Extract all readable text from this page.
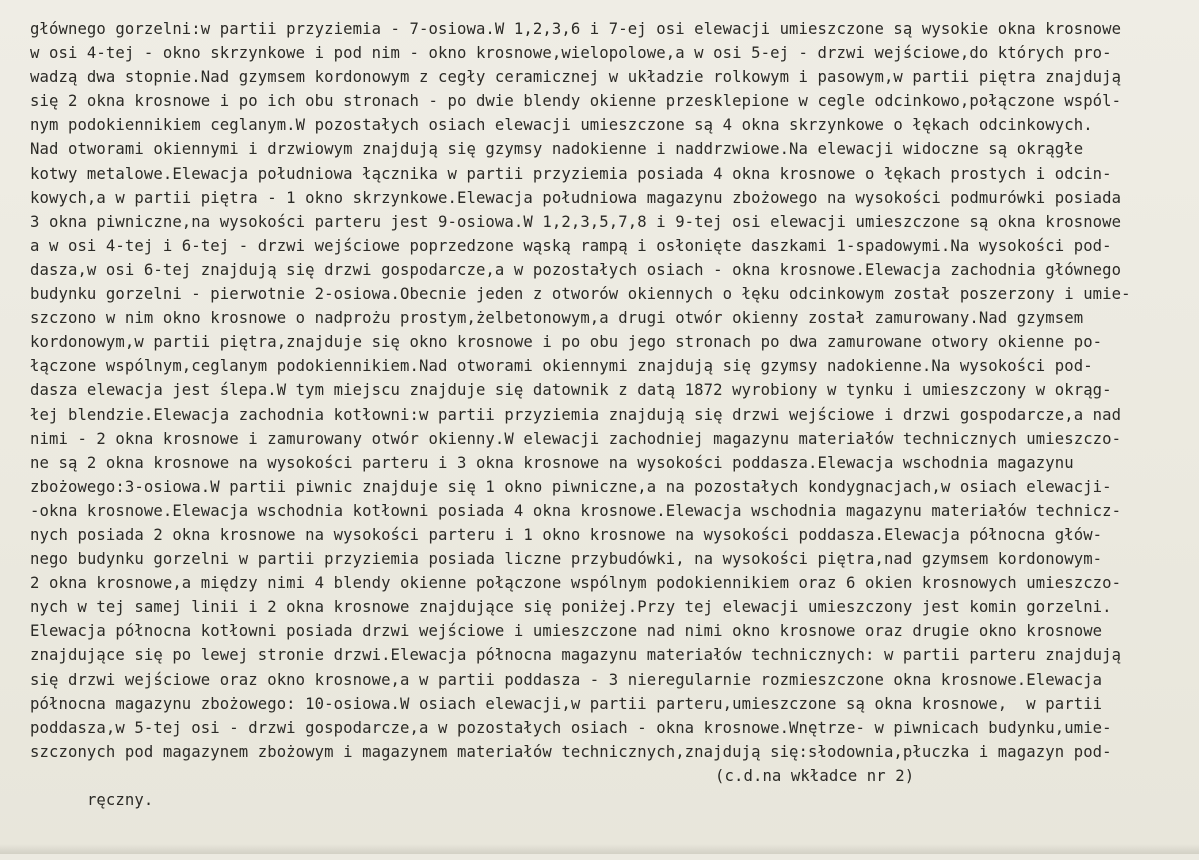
głównego gorzelni:w partii przyziemia - 7-osiowa.W 1,2,3,6 i 7-ej osi elewacji umieszczone są wysokie okna krosnowe
w osi 4-tej - okno skrzynkowe i pod nim - okno krosnowe,wielopolowe,a w osi 5-ej - drzwi wejściowe,do których pro-
wadzą dwa stopnie.Nad gzymsem kordonowym z cegły ceramicznej w układzie rolkowym i pasowym,w partii piętra znajdują
się 2 okna krosnowe i po ich obu stronach - po dwie blendy okienne przesklepione w cegle odcinkowo,połączone wspól-
nym podokiennikiem ceglanym.W pozostałych osiach elewacji umieszczone są 4 okna skrzynkowe o łękach odcinkowych.
Nad otworami okiennymi i drzwiowym znajdują się gzymsy nadokienne i naddrzwiowe.Na elewacji widoczne są okrągłe
kotwy metalowe.Elewacja południowa łącznika w partii przyziemia posiada 4 okna krosnowe o łękach prostych i odcin-
kowych,a w partii piętra - 1 okno skrzynkowe.Elewacja południowa magazynu zbożowego na wysokości podmurówki posiada
3 okna piwniczne,na wysokości parteru jest 9-osiowa.W 1,2,3,5,7,8 i 9-tej osi elewacji umieszczone są okna krosnowe
a w osi 4-tej i 6-tej - drzwi wejściowe poprzedzone wąską rampą i osłonięte daszkami 1-spadowymi.Na wysokości pod-
dasza,w osi 6-tej znajdują się drzwi gospodarcze,a w pozostałych osiach - okna krosnowe.Elewacja zachodnia głównego
budynku gorzelni - pierwotnie 2-osiowa.Obecnie jeden z otworów okiennych o łęku odcinkowym został poszerzony i umie-
szczono w nim okno krosnowe o nadprożu prostym,żelbetonowym,a drugi otwór okienny został zamurowany.Nad gzymsem
kordonowym,w partii piętra,znajduje się okno krosnowe i po obu jego stronach po dwa zamurowane otwory okienne po-
łączone wspólnym,ceglanym podokiennikiem.Nad otworami okiennymi znajdują się gzymsy nadokienne.Na wysokości pod-
dasza elewacja jest ślepa.W tym miejscu znajduje się datownik z datą 1872 wyrobiony w tynku i umieszczony w okrąg-
łej blendzie.Elewacja zachodnia kotłowni:w partii przyziemia znajdują się drzwi wejściowe i drzwi gospodarcze,a nad
nimi - 2 okna krosnowe i zamurowany otwór okienny.W elewacji zachodniej magazynu materiałów technicznych umieszczo-
ne są 2 okna krosnowe na wysokości parteru i 3 okna krosnowe na wysokości poddasza.Elewacja wschodnia magazynu
zbożowego:3-osiowa.W partii piwnic znajduje się 1 okno piwniczne,a na pozostałych kondygnacjach,w osiach elewacji-
-okna krosnowe.Elewacja wschodnia kotłowni posiada 4 okna krosnowe.Elewacja wschodnia magazynu materiałów technicz-
nych posiada 2 okna krosnowe na wysokości parteru i 1 okno krosnowe na wysokości poddasza.Elewacja północna głów-
nego budynku gorzelni w partii przyziemia posiada liczne przybudówki, na wysokości piętra,nad gzymsem kordonowym-
2 okna krosnowe,a między nimi 4 blendy okienne połączone wspólnym podokiennikiem oraz 6 okien krosnowych umieszczo-
nych w tej samej linii i 2 okna krosnowe znajdujące się poniżej.Przy tej elewacji umieszczony jest komin gorzelni.
Elewacja północna kotłowni posiada drzwi wejściowe i umieszczone nad nimi okno krosnowe oraz drugie okno krosnowe
znajdujące się po lewej stronie drzwi.Elewacja północna magazynu materiałów technicznych: w partii parteru znajdują
się drzwi wejściowe oraz okno krosnowe,a w partii poddasza - 3 nieregularnie rozmieszczone okna krosnowe.Elewacja
północna magazynu zbożowego: 10-osiowa.W osiach elewacji,w partii parteru,umieszczone są okna krosnowe,  w partii
poddasza,w 5-tej osi - drzwi gospodarcze,a w pozostałych osiach - okna krosnowe.Wnętrze- w piwnicach budynku,umie-
szczonych pod magazynem zbożowym i magazynem materiałów technicznych,znajdują się:słodownia,płuczka i magazyn pod-

ręczny.

(c.d.na wkładce nr 2)
